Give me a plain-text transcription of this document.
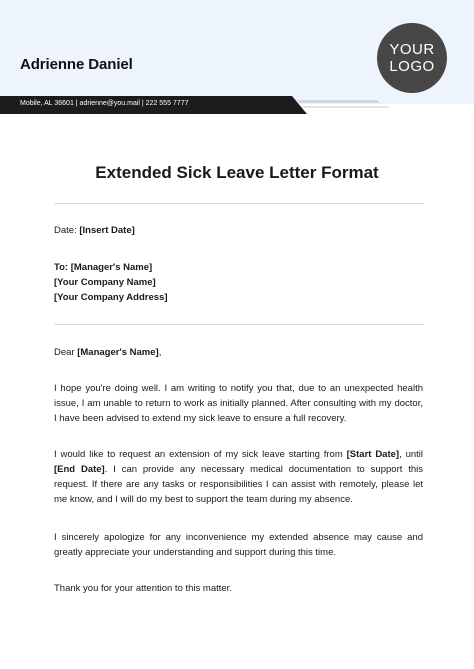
Adrienne Daniel
YOUR
LOGO
Mobile, AL 36601 | adrienne@you.mail | 222 555 7777
Extended Sick Leave Letter Format
Date: [Insert Date]
To: [Manager's Name]
[Your Company Name]
[Your Company Address]
Dear [Manager's Name],

I hope you're doing well. I am writing to notify you that, due to an unexpected health issue, I am unable to return to work as initially planned. After consulting with my doctor, I have been advised to extend my sick leave to ensure a full recovery.

I would like to request an extension of my sick leave starting from [Start Date], until [End Date]. I can provide any necessary medical documentation to support this request. If there are any tasks or responsibilities I can assist with remotely, please let me know, and I will do my best to support the team during my absence.

I sincerely apologize for any inconvenience my extended absence may cause and greatly appreciate your understanding and support during this time.

Thank you for your attention to this matter.
